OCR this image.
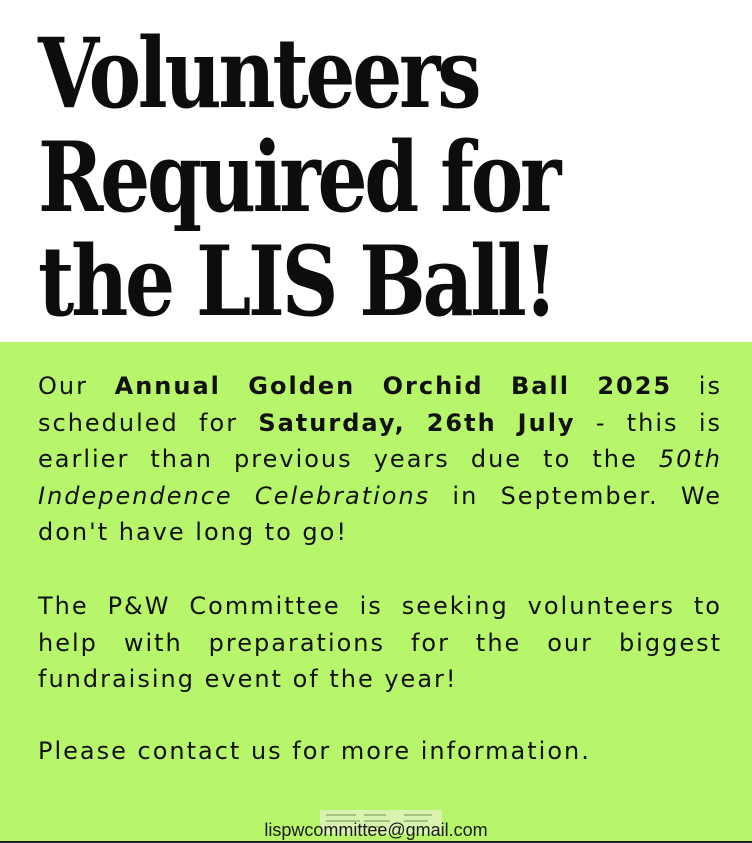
Volunteers
Required for
the LIS Ball!

Our Annual Golden Orchid Ball 2025 is scheduled for Saturday, 26th July - this is earlier than previous years due to the 50th Independence Celebrations in September. We don't have long to go!

The P&W Committee is seeking volunteers to help with preparations for the our biggest fundraising event of the year!

Please contact us for more information.

lispwcommittee@gmail.com
